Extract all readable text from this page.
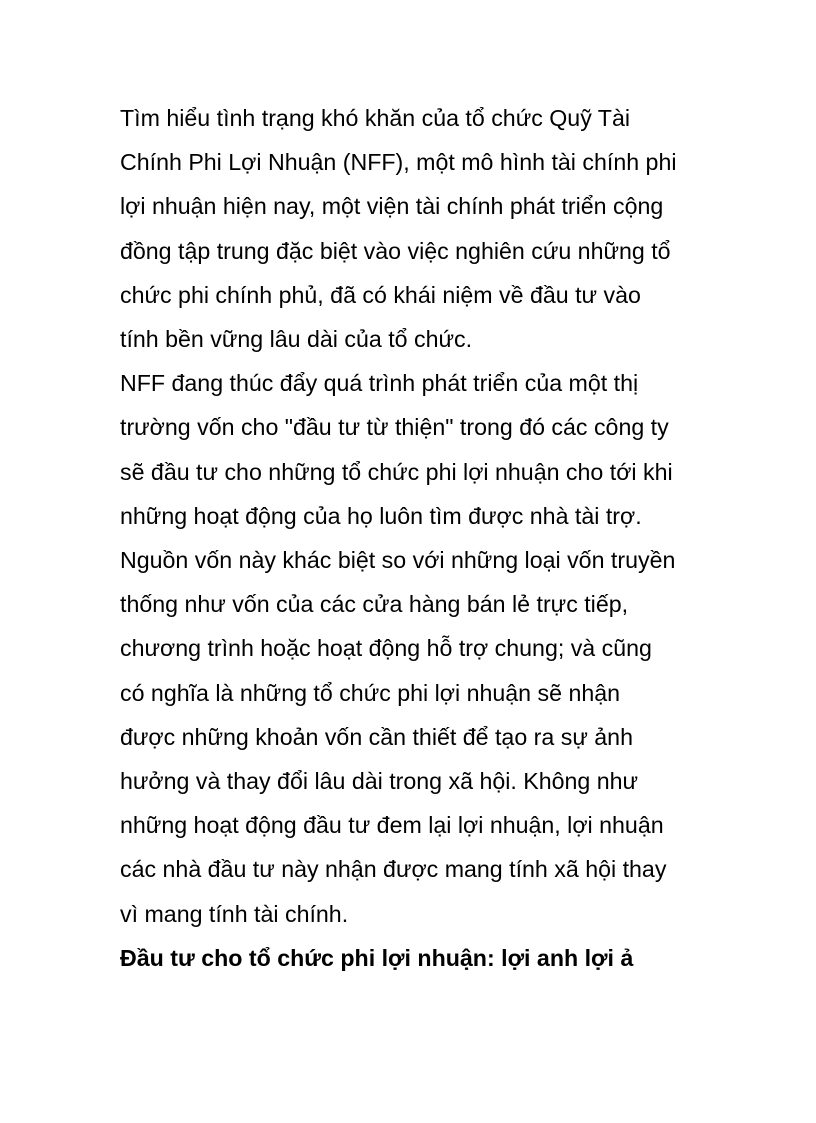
Tìm hiểu tình trạng khó khăn của tổ chức Quỹ Tài
Chính Phi Lợi Nhuận (NFF), một mô hình tài chính phi
lợi nhuận hiện nay, một viện tài chính phát triển cộng
đồng tập trung đặc biệt vào việc nghiên cứu những tổ
chức phi chính phủ, đã có khái niệm về đầu tư vào
tính bền vững lâu dài của tổ chức.

NFF đang thúc đẩy quá trình phát triển của một thị
trường vốn cho "đầu tư từ thiện" trong đó các công ty
sẽ đầu tư cho những tổ chức phi lợi nhuận cho tới khi
những hoạt động của họ luôn tìm được nhà tài trợ.
Nguồn vốn này khác biệt so với những loại vốn truyền
thống như vốn của các cửa hàng bán lẻ trực tiếp,
chương trình hoặc hoạt động hỗ trợ chung; và cũng
có nghĩa là những tổ chức phi lợi nhuận sẽ nhận
được những khoản vốn cần thiết để tạo ra sự ảnh
hưởng và thay đổi lâu dài trong xã hội. Không như
những hoạt động đầu tư đem lại lợi nhuận, lợi nhuận
các nhà đầu tư này nhận được mang tính xã hội thay
vì mang tính tài chính.

Đầu tư cho tổ chức phi lợi nhuận: lợi anh lợi ả
